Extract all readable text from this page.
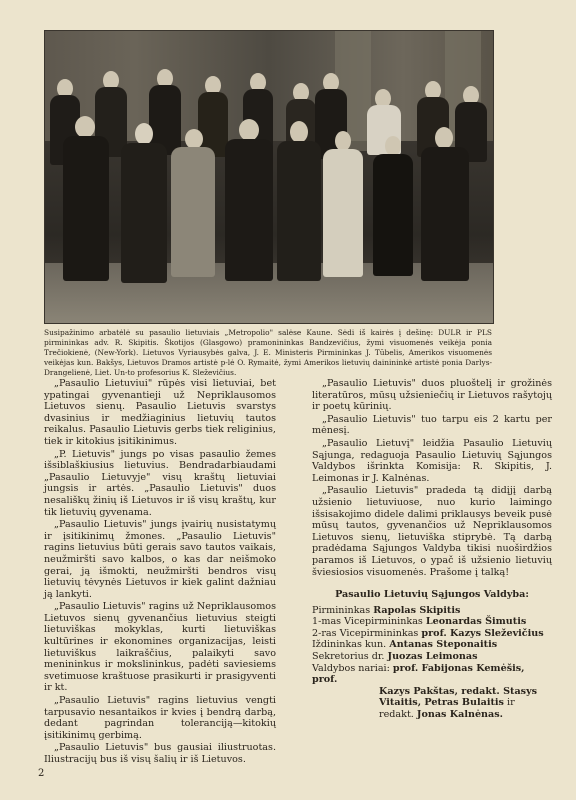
Susipažinimo arbatėlė su pasaulio lietuviais „Metropolio" salėse Kaune. Sėdi iš kairės į dešinę: DULR ir PLS pirmininkas adv. R. Skipitis. Škotijos (Glasgowo) pramonininkas Bandzevičius, žymi visuomenės veikėja ponia Trečiokienė, (New-York). Lietuvos Vyriausybės galva, J. E. Ministeris Pirmininkas J. Tūbelis, Amerikos visuomenės veikėjas kun. Bakšys, Lietuvos Dramos artistė p-lė O. Rymaitė, žymi Amerikos lietuvių dainininkė artistė ponia Darlys-Drangelienė, Liet. Un-to profesorius K. Sleževičius.

„Pasaulio Lietuviui" rūpės visi lietuviai, bet ypatingai gyvenantieji už Nepriklausomos Lietuvos sienų. Pasaulio Lietuvis svarstys dvasinius ir medžiaginius lietuvių tautos reikalus. Pasaulio Lietuvis gerbs tiek religinius, tiek ir kitokius įsitikinimus.

„P. Lietuvis" jungs po visas pasaulio žemes išsiblaškiusius lietuvius. Bendradarbiaudami „Pasaulio Lietuvyje" visų kraštų lietuviai jungsis ir artės. „Pasaulio Lietuvis" duos nesališkų žinių iš Lietuvos ir iš visų kraštų, kur tik lietuvių gyvenama.

„Pasaulio Lietuvis" jungs įvairių nusistatymų ir įsitikinimų žmones. „Pasaulio Lietuvis" ragins lietuvius būti gerais savo tautos vaikais, neužmiršti savo kalbos, o kas dar neišmoko gerai, ją išmokti, neužmiršti bendros visų lietuvių tėvynės Lietuvos ir kiek galint dažniau ją lankyti.

„Pasaulio Lietuvis" ragins už Nepriklausomos Lietuvos sienų gyvenančius lietuvius steigti lietuviškas mokyklas, kurti lietuviškas kultūrines ir ekonomines organizacijas, leisti lietuviškus laikraščius, palaikyti savo menininkus ir mokslininkus, padėti saviesiems svetimuose kraštuose prasikurti ir prasigyventi ir kt.

„Pasaulio Lietuvis" ragins lietuvius vengti tarpusavio nesantaikos ir kvies į bendrą darbą, dedant pagrindan toleranciją—kitokių įsitikinimų gerbimą.

„Pasaulio Lietuvis" bus gausiai iliustruotas. Iliustracijų bus iš visų šalių ir iš Lietuvos.

„Pasaulio Lietuvis" duos pluoštelį ir grožinės literatūros, mūsų užsieniečių ir Lietuvos rašytojų ir poetų kūrinių.

„Pasaulio Lietuvis" tuo tarpu eis 2 kartu per mėnesį.

„Pasaulio Lietuvį" leidžia Pasaulio Lietuvių Sąjunga, redaguoja Pasaulio Lietuvių Sąjungos Valdybos išrinkta Komisija: R. Skipitis, J. Leimonas ir J. Kalnėnas.

„Pasaulio Lietuvis" pradeda tą didįjį darbą užsienio lietuviuose, nuo kurio laimingo išsisakojimo didele dalimi priklausys beveik pusė mūsų tautos, gyvenančios už Nepriklausomos Lietuvos sienų, lietuviška stiprybė. Tą darbą pradėdama Sąjungos Valdyba tikisi nuoširdžios paramos iš Lietuvos, o ypač iš užsienio lietuvių šviesiosios visuomenės. Prašome į talką!

Pasaulio Lietuvių Sąjungos Valdyba:

Pirmininkas Rapolas Skipitis

1-mas Vicepirmininkas Leonardas Šimutis

2-ras Vicepirmininkas prof. Kazys Sleževičius

Iždininkas kun. Antanas Steponaitis

Sekretorius dr. Juozas Leimonas

Valdybos nariai: prof. Fabijonas Kemėšis, prof.

Kazys Pakštas, redakt. Stasys

Vitaitis, Petras Bulaitis ir

redakt. Jonas Kalnėnas.

2
